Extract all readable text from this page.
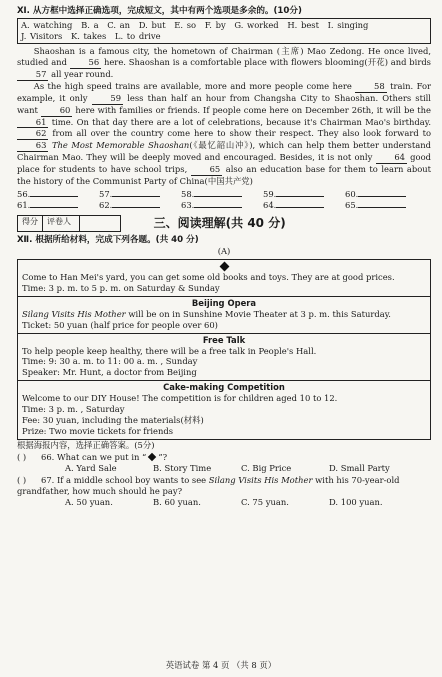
Ⅺ. 从方框中选择正确选项，完成短文，其中有两个选项是多余的。(10分)
A. watching B. a C. an D. but E. so F. by G. worked H. best I. singing
J. Visitors K. takes L. to drive

Shaoshan is a famous city, the hometown of Chairman (主席) Mao Zedong. He once lived, studied and 56 here. Shaoshan is a comfortable place with flowers blooming(开花) and birds 57 all year round.

As the high speed trains are available, more and more people come here 58 train. For example, it only 59 less than half an hour from Changsha City to Shaoshan. Others still want 60 here with families or friends. If people come here on December 26th, it will be the 61 time. On that day there are a lot of celebrations, because it's Chairman Mao's birthday. 62 from all over the country come here to show their respect. They also look forward to 63 The Most Memorable Shaoshan(《最忆韶山冲》), which can help them better understand Chairman Mao. They will be deeply moved and encouraged. Besides, it is not only 64 good place for students to have school trips, 65 also an education base for them to learn about the history of the Communist Party of China(中国共产党)

56.	57.	58.	59.	60.
61.	62.	63.	64.	65.
得分	评卷人	三、阅读理解(共 40 分)
Ⅻ. 根据所给材料，完成下列各题。(共 40 分)
(A)

Come to Han Mei's yard, you can get some old books and toys. They are at good prices.

Time: 3 p. m. to 5 p. m. on Saturday & Sunday

Beijing Opera

Silang Visits His Mother will be on in Sunshine Movie Theater at 3 p. m. this Saturday.

Ticket: 50 yuan (half price for people over 60)

Free Talk

To help people keep healthy, there will be a free talk in People's Hall.

Time: 9: 30 a. m. to 11: 00 a. m. , Sunday

Speaker: Mr. Hunt, a doctor from Beijing

Cake-making Competition

Welcome to our DIY House! The competition is for children aged 10 to 12.

Time: 3 p. m. , Saturday

Fee: 30 yuan, including the materials(材料)

Prize: Two movie tickets for friends

根据海报内容，选择正确答案。(5分)
( ) 66. What can we put in “ ”?
A. Yard Sale	B. Story Time	C. Big Price	D. Small Party
( ) 67. If a middle school boy wants to see Silang Visits His Mother with his 70-year-old grandfather, how much should he pay?
A. 50 yuan.	B. 60 yuan.	C. 75 yuan.	D. 100 yuan.
英语试卷 第 4 页 （共 8 页）
